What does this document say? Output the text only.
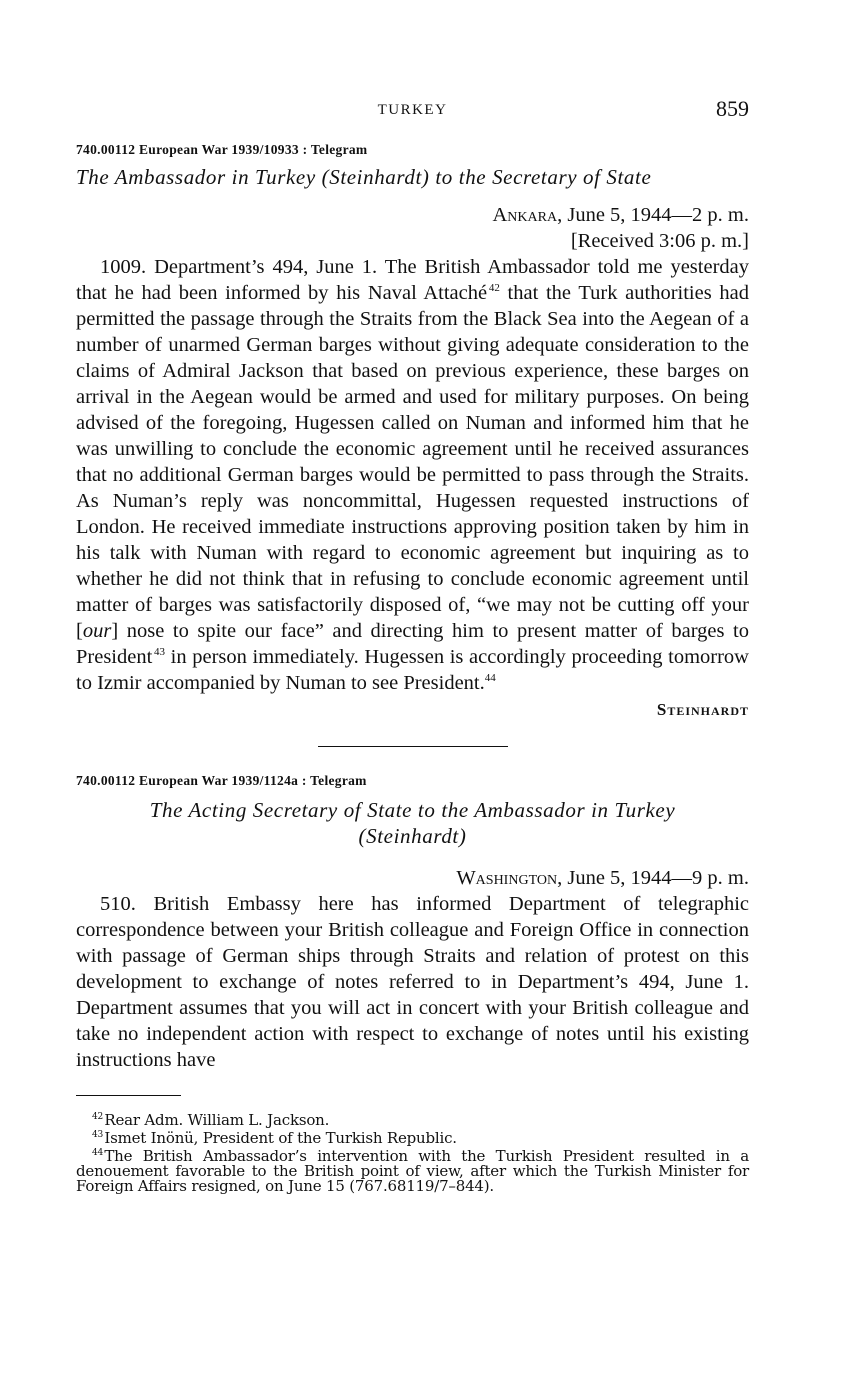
TURKEY	859
740.00112 European War 1939/10933 : Telegram
The Ambassador in Turkey (Steinhardt) to the Secretary of State
Ankara, June 5, 1944—2 p. m.
[Received 3:06 p. m.]

1009. Department’s 494, June 1. The British Ambassador told me yesterday that he had been informed by his Naval Attaché  $^{42}$ that the Turk authorities had permitted the passage through the Straits from the Black Sea into the Aegean of a number of unarmed German barges without giving adequate consideration to the claims of Admiral Jackson that based on previous experience, these barges on arrival in the Aegean would be armed and used for military purposes. On being advised of the foregoing, Hugessen called on Numan and informed him that he was unwilling to conclude the economic agreement until he received assurances that no additional German barges would be permitted to pass through the Straits. As Numan’s reply was noncommittal, Hugessen requested instructions of London. He received immediate instructions approving position taken by him in his talk with Numan with regard to economic agreement but inquiring as to whether he did not think that in refusing to conclude economic agreement until matter of barges was satisfactorily disposed of, “we may not be cutting off your [our] nose to spite our face” and directing him to present matter of barges to President  $^{43}$ in person immediately. Hugessen is accordingly proceeding tomorrow to Izmir accompanied by Numan to see President.$^{44}$

Steinhardt
740.00112 European War 1939/1124a : Telegram
The Acting Secretary of State to the Ambassador in Turkey
(Steinhardt)
Washington, June 5, 1944—9 p. m.

510. British Embassy here has informed Department of telegraphic correspondence between your British colleague and Foreign Office in connection with passage of German ships through Straits and relation of protest on this development to exchange of notes referred to in Department’s 494, June 1. Department assumes that you will act in concert with your British colleague and take no independent action with respect to exchange of notes until his existing instructions have

$^{42}$ Rear Adm. William L. Jackson.

$^{43}$ Ismet Inönü, President of the Turkish Republic.

$^{44}$ The British Ambassador’s intervention with the Turkish President resulted in a denouement favorable to the British point of view, after which the Turkish Minister for Foreign Affairs resigned, on June 15 (767.68119/7–844).
